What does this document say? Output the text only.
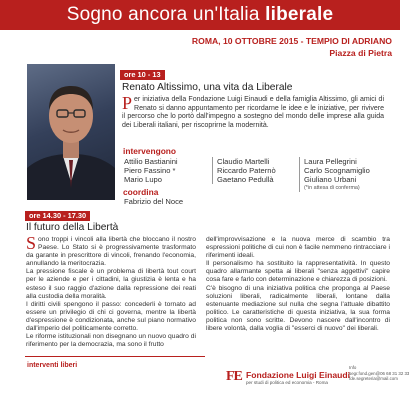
Sogno ancora un'Italia liberale
ROMA, 10 OTTOBRE 2015 - TEMPIO DI ADRIANO
Piazza di Pietra
ore 10 - 13
Renato Altissimo, una vita da Liberale
Per iniziativa della Fondazione Luigi Einaudi e della famiglia Altissimo, gli amici di Renato si danno appuntamento per ricordarne le idee e le iniziative, per rivivere il percorso che lo portò dall'impegno a sostegno del mondo delle imprese alla guida dei Liberali italiani, per riscoprirne la modernità.
intervengono
Attilio Bastianini
Piero Fassino *
Mario Lupo
Claudio Martelli
Riccardo Paternò
Gaetano Pedullà
Laura Pellegrini
Carlo Scognamiglio
Giuliano Urbani
(*in attesa di conferma)
coordina
Fabrizio del Noce
ore 14.30 - 17.30
Il futuro della Libertà

Sono troppi i vincoli alla libertà che bloccano il nostro Paese. Lo Stato si è progressivamente trasformato da garante in prescrittore di vincoli, frenando l'economia, annullando la meritocrazia.

La pressione fiscale è un problema di libertà tout court per le aziende e per i cittadini, la giustizia è lenta e ha esteso il suo raggio d'azione dalla repressione dei reati alla custodia della moralità.

I diritti civili spengono il passo: concederli è tornato ad essere un privilegio di chi ci governa, mentre la libertà d'espressione è condizionata, anche sul piano normativo dall'imperio del politicamente corretto.

Le riforme istituzionali non disegnano un nuovo quadro di riferimento per la democrazia, ma sono il frutto

dell'improvvisazione e la nuova merce di scambio tra espressioni politiche di cui non è facile nemmeno rintracciare i riferimenti ideali.

Il personalismo ha sostituito la rappresentatività. In questo quadro allarmante spetta ai liberali "senza aggettivi" capire cosa fare e farlo con determinazione e chiarezza di posizioni.

C'è bisogno di una iniziativa politica che proponga al Paese soluzioni liberali, radicalmente liberali, lontane dalla estenuante mediazione sul nulla che segna l'attuale dibattito politico. Le caratteristiche di questa iniziativa, la sua forma politica non sono scritte. Devono nascere dall'incontro di libere volontà, dalla voglia di "esserci di nuovo" dei liberali.

interventi liberi
FE Fondazione Luigi Einaudi
per studi di politica ed economia - Roma
Info
segr.fond.gen@06 68 31 32 33
fde.segreteria@mail.com
